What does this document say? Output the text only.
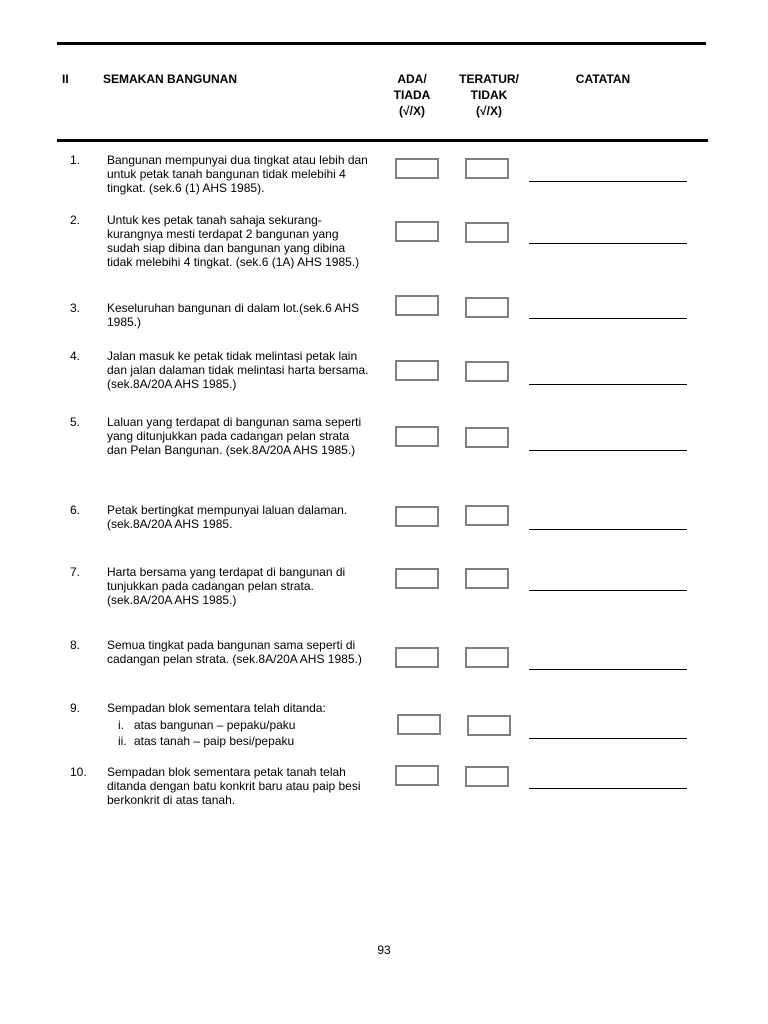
II	SEMAKAN BANGUNAN	ADA/
TIADA
(√/X)
TERATUR/
TIDAK
(√/X)
CATATAN
1. Bangunan mempunyai dua tingkat atau lebih dan untuk petak tanah bangunan tidak melebihi 4 tingkat. (sek.6 (1) AHS 1985).
2. Untuk kes petak tanah sahaja sekurang-kurangnya mesti terdapat 2 bangunan yang sudah siap dibina dan bangunan yang dibina tidak melebihi 4 tingkat. (sek.6 (1A) AHS 1985.)
3. Keseluruhan bangunan di dalam lot.(sek.6 AHS 1985.)
4. Jalan masuk ke petak tidak melintasi petak lain dan jalan dalaman tidak melintasi harta bersama.(sek.8A/20A AHS 1985.)
5. Laluan yang terdapat di bangunan sama seperti yang ditunjukkan pada cadangan pelan strata dan Pelan Bangunan. (sek.8A/20A AHS 1985.)
6. Petak bertingkat mempunyai laluan dalaman.(sek.8A/20A AHS 1985.
7. Harta bersama yang terdapat di bangunan di tunjukkan pada cadangan pelan strata. (sek.8A/20A AHS 1985.)
8. Semua tingkat pada bangunan sama seperti di cadangan pelan strata. (sek.8A/20A AHS 1985.)
9. Sempadan blok sementara telah ditanda:
i. atas bangunan – pepaku/paku
ii. atas tanah – paip besi/pepaku
10. Sempadan blok sementara petak tanah telah ditanda dengan batu konkrit baru atau paip besi berkonkrit di atas tanah.
93
